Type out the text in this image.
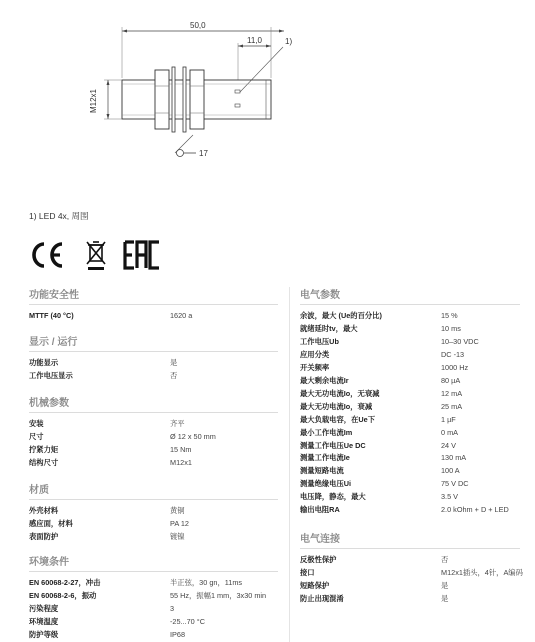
50,0
11,0	1)
M12x1
17
1) LED 4x, 周围
功能安全性
MTTF (40 °C)	1620 a
显示 / 运行
功能显示	是
工作电压显示	否
机械参数
安装	齐平
尺寸	Ø 12 x 50 mm
拧紧力矩	15 Nm
结构尺寸	M12x1
材质
外壳材料	黄铜
感应面，材料	PA 12
表面防护	镀镍
环境条件
EN 60068-2-27，冲击	半正弦，30 gn，11ms
EN 60068-2-6，振动	55 Hz，振幅1 mm，3x30 min
污染程度	3
环境温度	-25...70 °C
防护等级	IP68
电气参数
余波，最大 (Ue的百分比)	15 %
就绪延时tv，最大	10 ms
工作电压Ub	10–30 VDC
应用分类	DC -13
开关频率	1000 Hz
最大剩余电流Ir	80 µA
最大无功电流Io，无衰减	12 mA
最大无功电流Io，衰减	25 mA
最大负载电容，在Ue下	1 µF
最小工作电流Im	0 mA
测量工作电压Ue DC	24 V
测量工作电流Ie	130 mA
测量短路电流	100 A
测量绝缘电压Ui	75 V DC
电压降，静态，最大	3.5 V
输出电阻RA	2.0 kOhm + D + LED
电气连接
反极性保护	否
接口	M12x1插头，4针，A编码
短路保护	是
防止出现混淆	是
